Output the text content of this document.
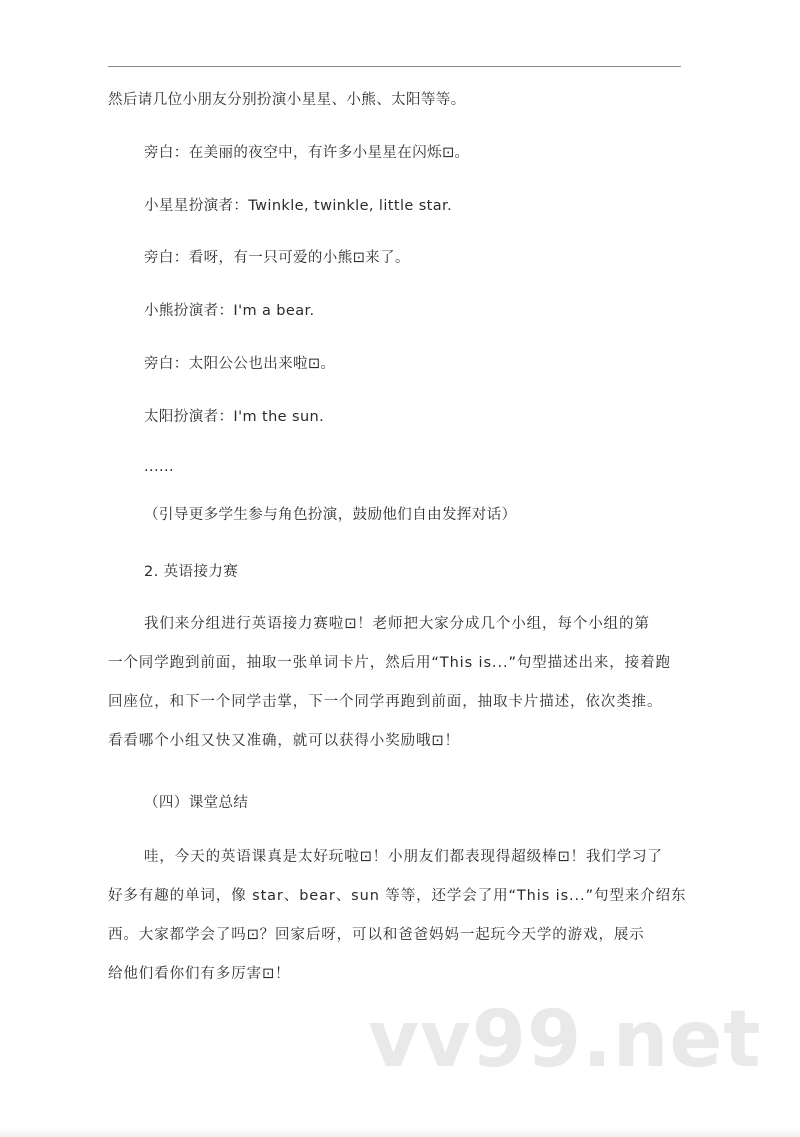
然后请几位小朋友分别扮演小星星、小熊、太阳等等。
旁白：在美丽的夜空中，有许多小星星在闪烁⊡。
小星星扮演者：Twinkle, twinkle, little star.
旁白：看呀，有一只可爱的小熊⊡来了。
小熊扮演者：I'm a bear.
旁白：太阳公公也出来啦⊡。
太阳扮演者：I'm the sun.
......
（引导更多学生参与角色扮演，鼓励他们自由发挥对话）
2. 英语接力赛
我们来分组进行英语接力赛啦⊡！老师把大家分成几个小组，每个小组的第
一个同学跑到前面，抽取一张单词卡片，然后用“This is...”句型描述出来，接着跑
回座位，和下一个同学击掌，下一个同学再跑到前面，抽取卡片描述，依次类推。
看看哪个小组又快又准确，就可以获得小奖励哦⊡！
（四）课堂总结
哇，今天的英语课真是太好玩啦⊡！小朋友们都表现得超级棒⊡！我们学习了
好多有趣的单词，像 star、bear、sun 等等，还学会了用“This is...”句型来介绍东
西。大家都学会了吗⊡？回家后呀，可以和爸爸妈妈一起玩今天学的游戏，展示
给他们看你们有多厉害⊡！
vv99.net
